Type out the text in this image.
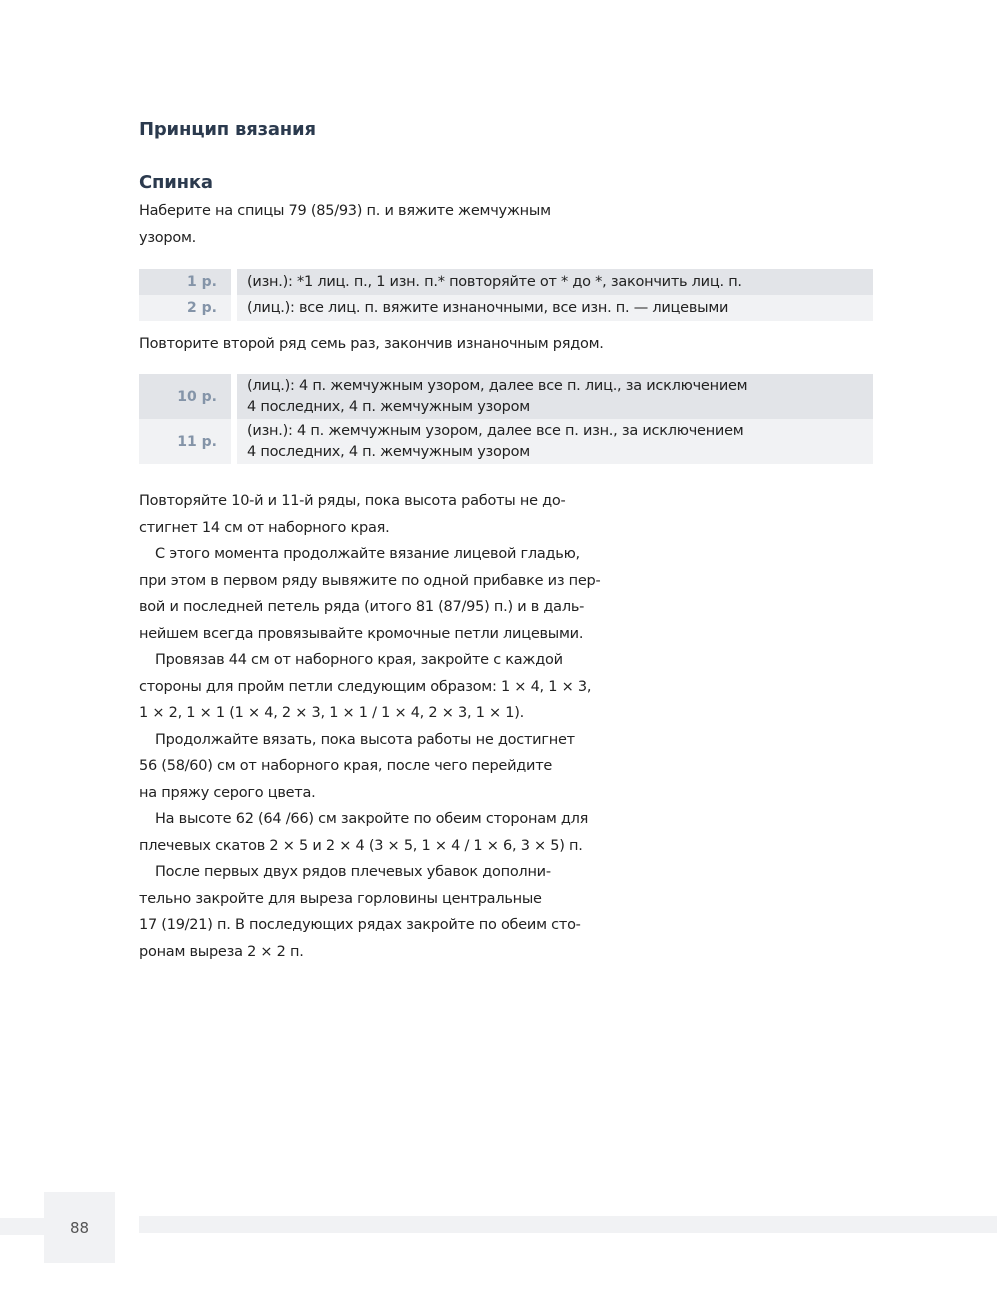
Принцип вязания
Спинка

Наберите на спицы 79 (85/93) п. и вяжите жемчужным
узором.

1 р.		(изн.): *1 лиц. п., 1 изн. п.* повторяйте от * до *, закончить лиц. п.
2 р.		(лиц.): все лиц. п. вяжите изнаночными, все изн. п. — лицевыми

Повторите второй ряд семь раз, закончив изнаночным рядом.

10 р.		(лиц.): 4 п. жемчужным узором, далее все п. лиц., за исключением
4 последних, 4 п. жемчужным узором
11 р.		(изн.): 4 п. жемчужным узором, далее все п. изн., за исключением
4 последних, 4 п. жемчужным узором
Повторяйте 10-й и 11-й ряды, пока высота работы не до-
стигнет 14 см от наборного края.
С этого момента продолжайте вязание лицевой гладью,
при этом в первом ряду вывяжите по одной прибавке из пер-
вой и последней петель ряда (итого 81 (87/95) п.) и в даль-
нейшем всегда провязывайте кромочные петли лицевыми.
Провязав 44 см от наборного края, закройте с каждой
стороны для пройм петли следующим образом: 1 × 4, 1 × 3,
1 × 2, 1 × 1 (1 × 4, 2 × 3, 1 × 1 / 1 × 4, 2 × 3, 1 × 1).
Продолжайте вязать, пока высота работы не достигнет
56 (58/60) см от наборного края, после чего перейдите
на пряжу серого цвета.
На высоте 62 (64 /66) см закройте по обеим сторонам для
плечевых скатов 2 × 5 и 2 × 4 (3 × 5, 1 × 4 / 1 × 6, 3 × 5) п.
После первых двух рядов плечевых убавок дополни-
тельно закройте для выреза горловины центральные
17 (19/21) п. В последующих рядах закройте по обеим сто-
ронам выреза 2 × 2 п.
88
